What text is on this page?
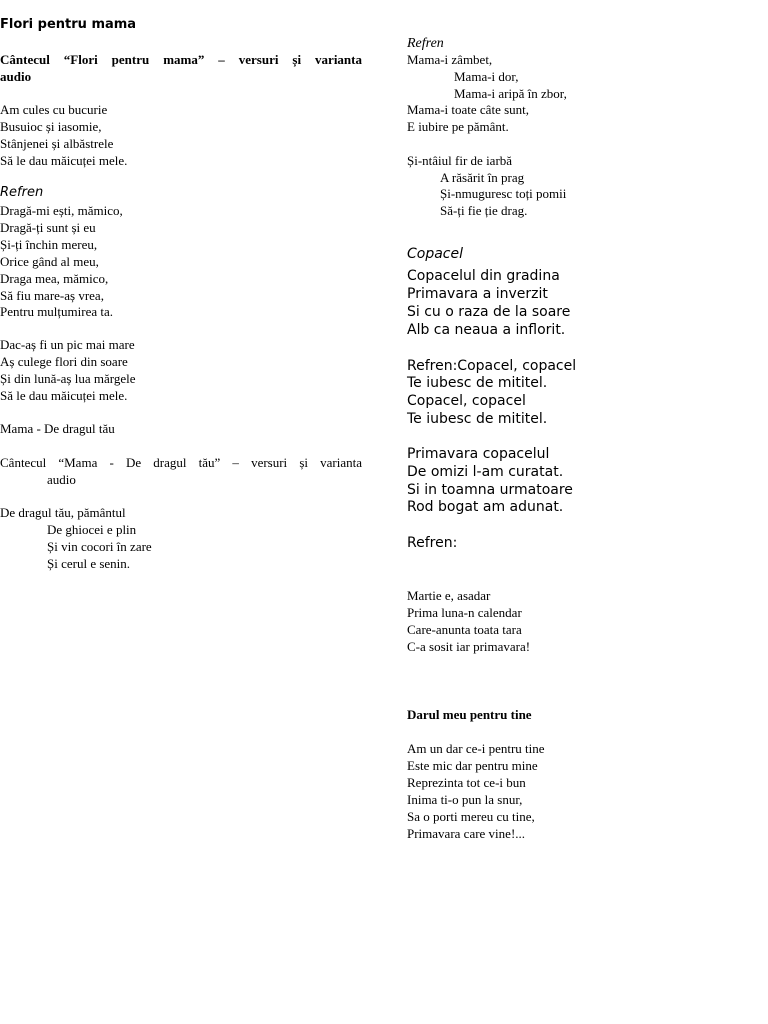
Flori pentru mama
Cântecul “Flori pentru mama” – versuri și varianta
audio
Am cules cu bucurie
Busuioc și iasomie,
Stânjenei și albăstrele
Să le dau măicuței mele.
Refren
Dragă-mi ești, mămico,
Dragă-ți sunt și eu
Și-ți închin mereu,
Orice gând al meu,
Draga mea, mămico,
Să fiu mare-aș vrea,
Pentru mulțumirea ta.
Dac-aș fi un pic mai mare
Aș culege flori din soare
Și din lună-aș lua mărgele
Să le dau măicuței mele.
Mama - De dragul tău
Cântecul “Mama - De dragul tău” – versuri și varianta
audio
De dragul tău, pământul
De ghiocei e plin
Și vin cocori în zare
Și cerul e senin.
Refren
Mama-i zâmbet,
Mama-i dor,
Mama-i aripă în zbor,
Mama-i toate câte sunt,
E iubire pe pământ.
Și-ntâiul fir de iarbă
A răsărit în prag
Și-nmuguresc toți pomii
Să-ți fie ție drag.
Copacel
Copacelul din gradina
Primavara a inverzit
Si cu o raza de la soare
Alb ca neaua a inflorit.
Refren:Copacel, copacel
Te iubesc de mititel.
Copacel, copacel
Te iubesc de mititel.
Primavara copacelul
De omizi l-am curatat.
Si in toamna urmatoare
Rod bogat am adunat.
Refren:
Martie e, asadar
Prima luna-n calendar
Care-anunta toata tara
C-a sosit iar primavara!
Darul meu pentru tine
Am un dar ce-i pentru tine
Este mic dar pentru mine
Reprezinta tot ce-i bun
Inima ti-o pun la snur,
Sa o porti mereu cu tine,
Primavara care vine!...
